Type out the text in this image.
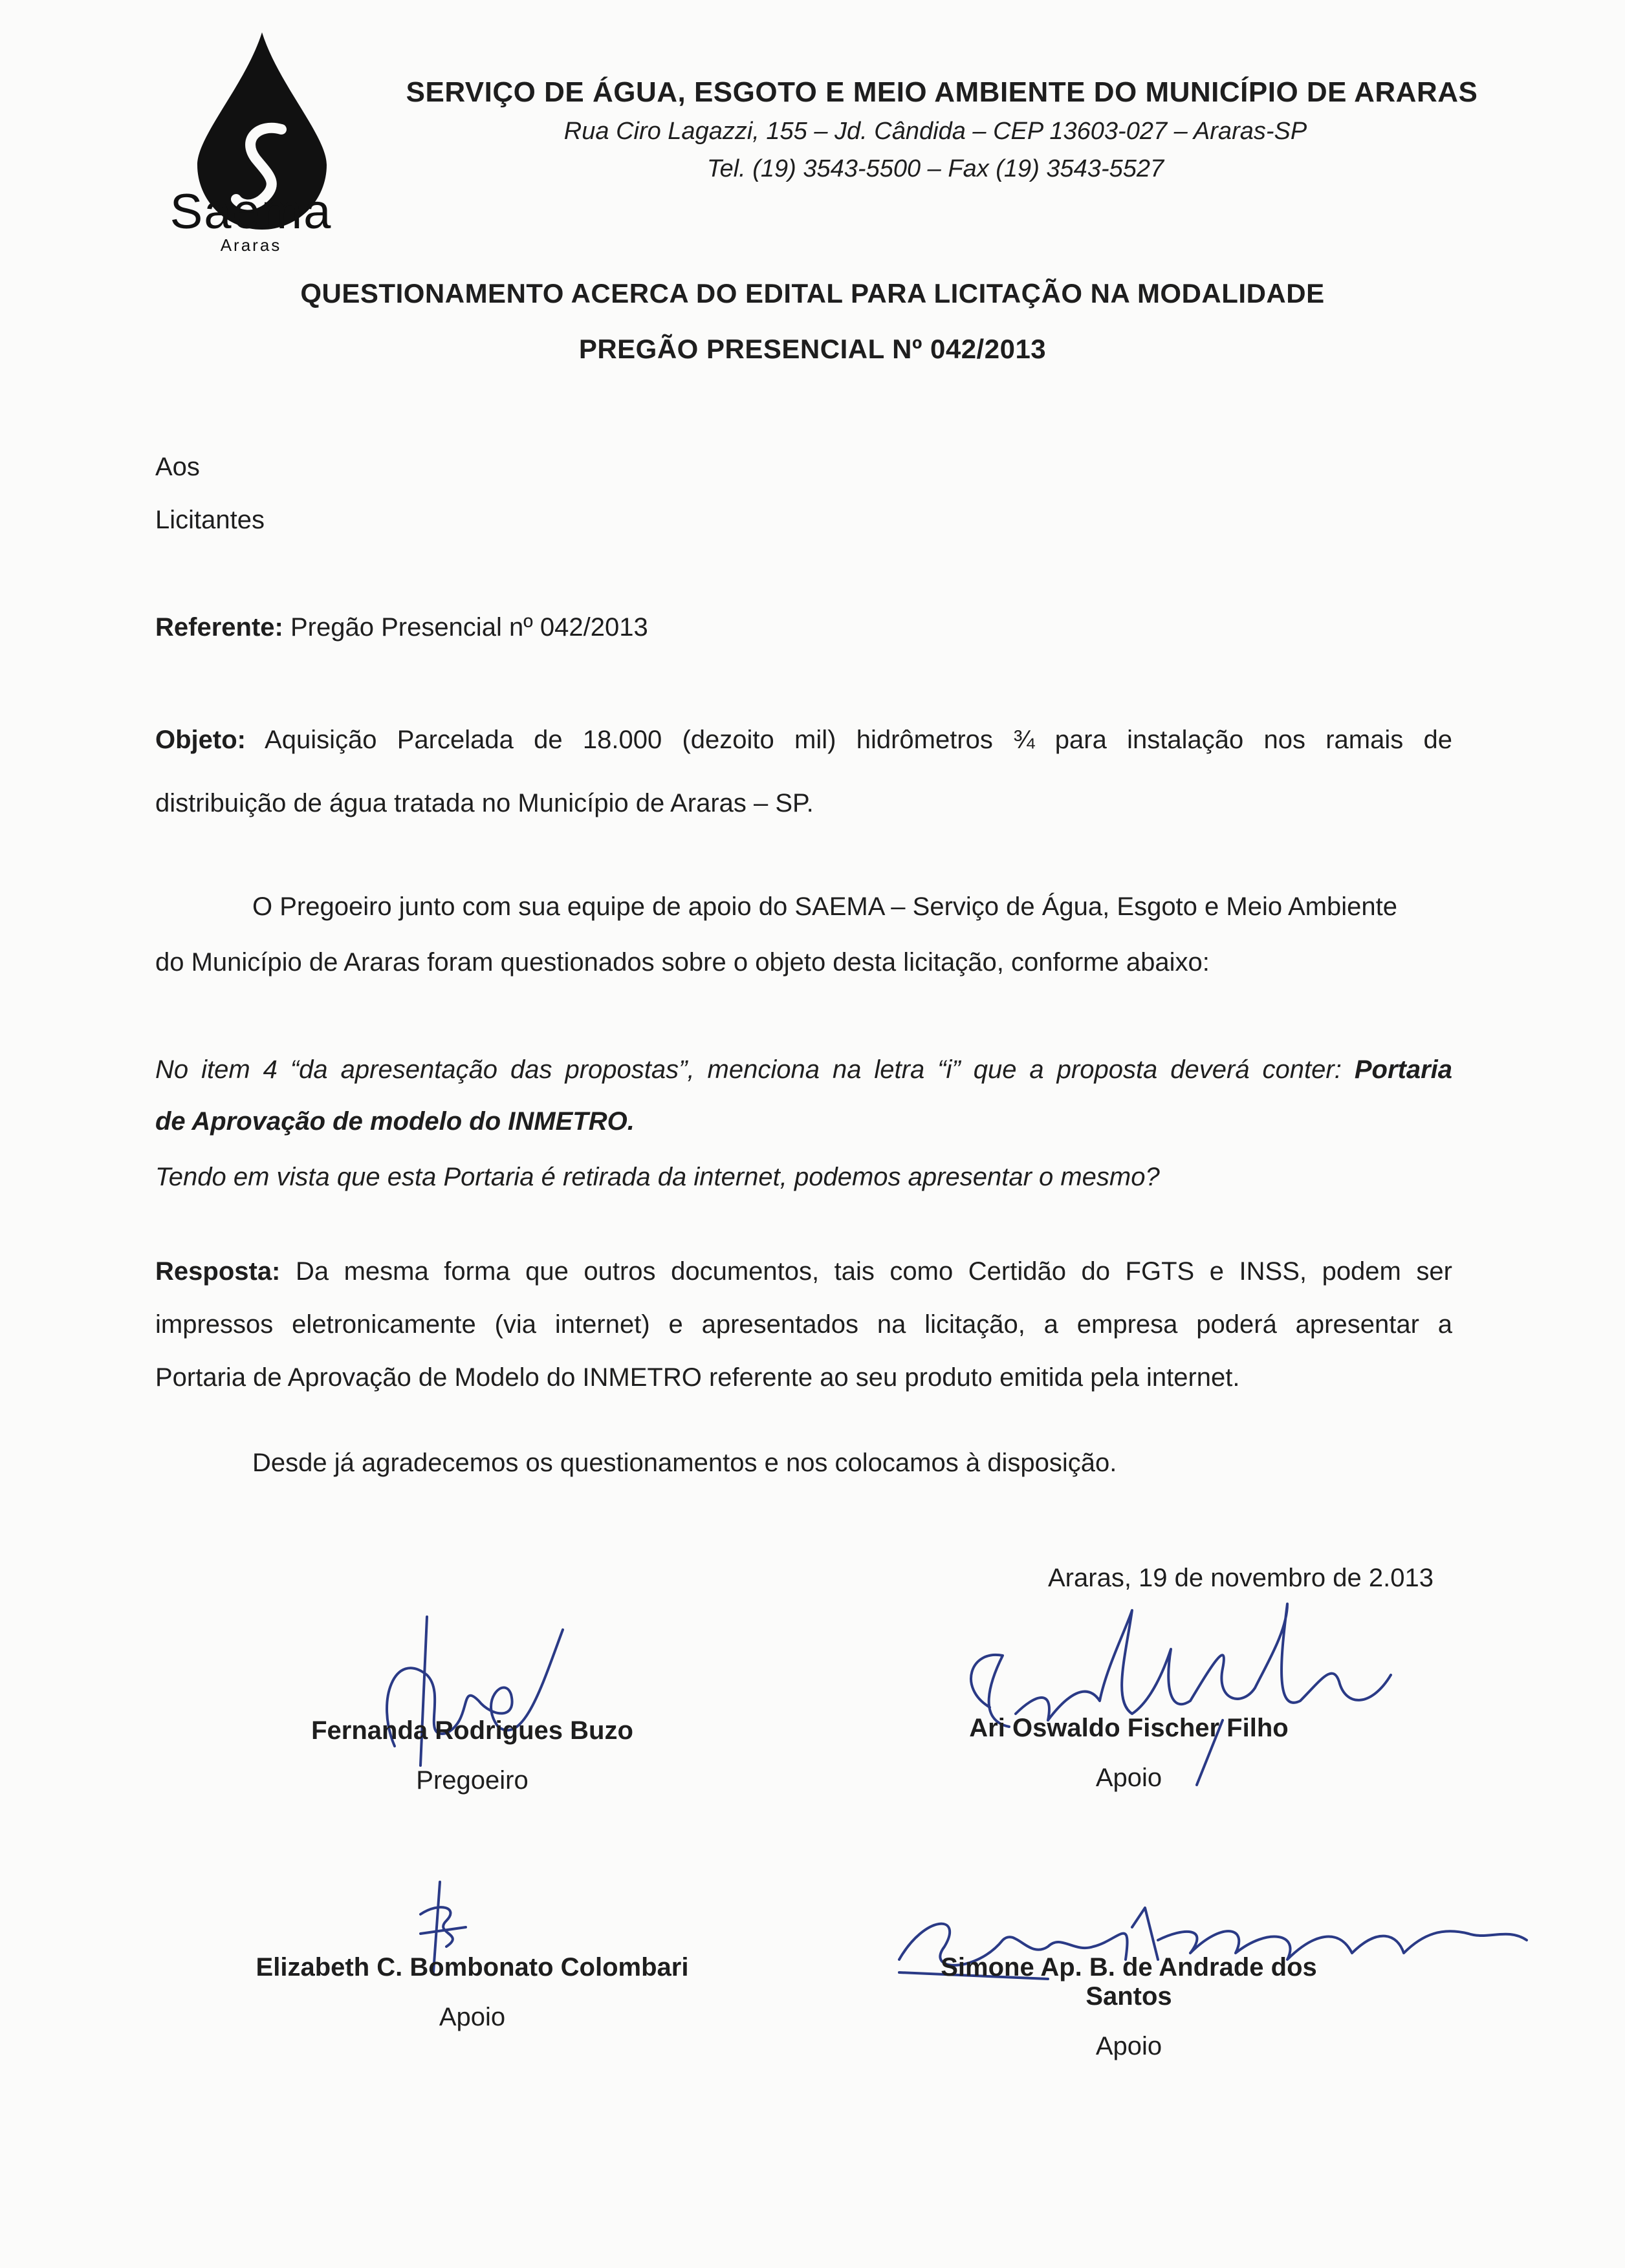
Saema
Araras
SERVIÇO DE ÁGUA, ESGOTO E MEIO AMBIENTE DO MUNICÍPIO DE ARARAS
Rua Ciro Lagazzi, 155 – Jd. Cândida – CEP 13603-027 – Araras-SP
Tel. (19) 3543-5500 – Fax (19) 3543-5527
QUESTIONAMENTO ACERCA DO EDITAL PARA LICITAÇÃO NA MODALIDADE
PREGÃO PRESENCIAL Nº 042/2013
Aos
Licitantes
Referente: Pregão Presencial nº 042/2013
Objeto: Aquisição Parcelada de 18.000 (dezoito mil) hidrômetros ¾ para instalação nos ramais de
distribuição de água tratada no Município de Araras – SP.
O Pregoeiro junto com sua equipe de apoio do SAEMA – Serviço de Água, Esgoto e Meio Ambiente
do Município de Araras foram questionados sobre o objeto desta licitação, conforme abaixo:
No item 4 “da apresentação das propostas”, menciona na letra “i” que a proposta deverá conter: Portaria
de Aprovação de modelo do INMETRO.
Tendo em vista que esta Portaria é retirada da internet, podemos apresentar o mesmo?
Resposta: Da mesma forma que outros documentos, tais como Certidão do FGTS e INSS, podem ser
impressos eletronicamente (via internet) e apresentados na licitação, a empresa poderá apresentar a
Portaria de Aprovação de Modelo do INMETRO referente ao seu produto emitida pela internet.
Desde já agradecemos os questionamentos e nos colocamos à disposição.
Araras, 19 de novembro de 2.013
Fernanda Rodrigues Buzo
Pregoeiro
Ari Oswaldo Fischer Filho
Apoio
Elizabeth C. Bombonato Colombari
Apoio
Simone Ap. B. de Andrade dos Santos
Apoio
